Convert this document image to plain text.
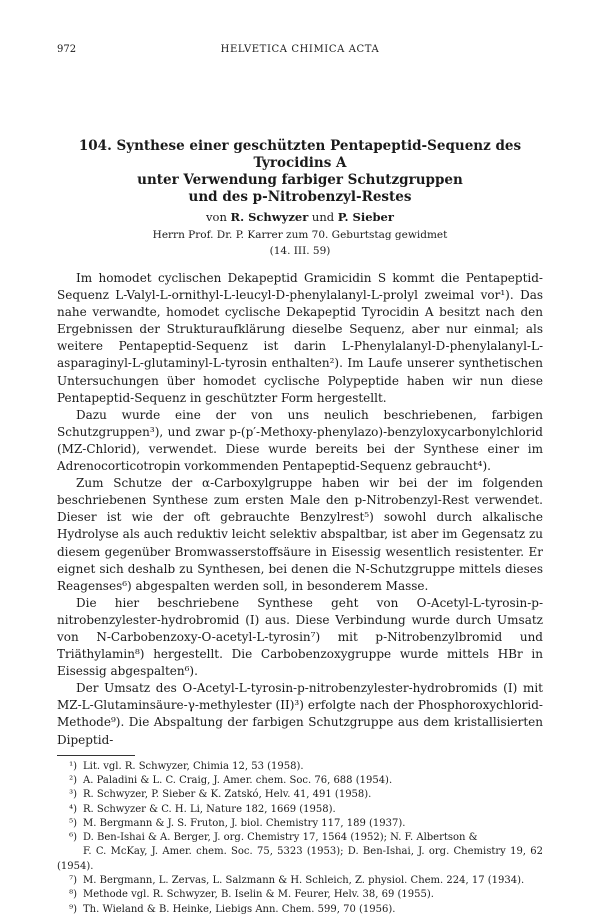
972	HELVETICA CHIMICA ACTA
104. Synthese einer geschützten Pentapeptid-Sequenz des Tyrocidins A
unter Verwendung farbiger Schutzgruppen
und des p-Nitrobenzyl-Restes
von R. Schwyzer und P. Sieber
Herrn Prof. Dr. P. Karrer zum 70. Geburtstag gewidmet
(14. III. 59)

Im homodet cyclischen Dekapeptid Gramicidin S kommt die Pentapeptid-Sequenz L-Valyl-L-ornithyl-L-leucyl-D-phenylalanyl-L-prolyl zweimal vor¹). Das nahe verwandte, homodet cyclische Dekapeptid Tyrocidin A besitzt nach den Ergebnissen der Strukturaufklärung dieselbe Sequenz, aber nur einmal; als weitere Pentapeptid-Sequenz ist darin L-Phenylalanyl-D-phenylalanyl-L-asparaginyl-L-glutaminyl-L-tyrosin enthalten²). Im Laufe unserer synthetischen Untersuchungen über homodet cyclische Polypeptide haben wir nun diese Pentapeptid-Sequenz in geschützter Form hergestellt.

Dazu wurde eine der von uns neulich beschriebenen, farbigen Schutzgruppen³), und zwar p-(p′-Methoxy-phenylazo)-benzyloxycarbonylchlorid (MZ-Chlorid), verwendet. Diese wurde bereits bei der Synthese einer im Adrenocorticotropin vorkommenden Pentapeptid-Sequenz gebraucht⁴).

Zum Schutze der α-Carboxylgruppe haben wir bei der im folgenden beschriebenen Synthese zum ersten Male den p-Nitrobenzyl-Rest verwendet. Dieser ist wie der oft gebrauchte Benzylrest⁵) sowohl durch alkalische Hydrolyse als auch reduktiv leicht selektiv abspaltbar, ist aber im Gegensatz zu diesem gegenüber Bromwasserstoffsäure in Eisessig wesentlich resistenter. Er eignet sich deshalb zu Synthesen, bei denen die N-Schutzgruppe mittels dieses Reagenses⁶) abgespalten werden soll, in besonderem Masse.

Die hier beschriebene Synthese geht von O-Acetyl-L-tyrosin-p-nitrobenzylester-hydrobromid (I) aus. Diese Verbindung wurde durch Umsatz von N-Carbobenzoxy-O-acetyl-L-tyrosin⁷) mit p-Nitrobenzylbromid und Triäthylamin⁸) hergestellt. Die Carbobenzoxygruppe wurde mittels HBr in Eisessig abgespalten⁶).

Der Umsatz des O-Acetyl-L-tyrosin-p-nitrobenzylester-hydrobromids (I) mit MZ-L-Glutaminsäure-γ-methylester (II)³) erfolgte nach der Phosphoroxychlorid-Methode⁹). Die Abspaltung der farbigen Schutzgruppe aus dem kristallisierten Dipeptid-

¹) Lit. vgl. R. Schwyzer, Chimia 12, 53 (1958).
²) A. Paladini & L. C. Craig, J. Amer. chem. Soc. 76, 688 (1954).
³) R. Schwyzer, P. Sieber & K. Zatskó, Helv. 41, 491 (1958).
⁴) R. Schwyzer & C. H. Li, Nature 182, 1669 (1958).
⁵) M. Bergmann & J. S. Fruton, J. biol. Chemistry 117, 189 (1937).
⁶) D. Ben-Ishai & A. Berger, J. org. Chemistry 17, 1564 (1952); N. F. Albertson &
F. C. McKay, J. Amer. chem. Soc. 75, 5323 (1953); D. Ben-Ishai, J. org. Chemistry 19, 62 (1954).
⁷) M. Bergmann, L. Zervas, L. Salzmann & H. Schleich, Z. physiol. Chem. 224, 17 (1934).
⁸) Methode vgl. R. Schwyzer, B. Iselin & M. Feurer, Helv. 38, 69 (1955).
⁹) Th. Wieland & B. Heinke, Liebigs Ann. Chem. 599, 70 (1956).
